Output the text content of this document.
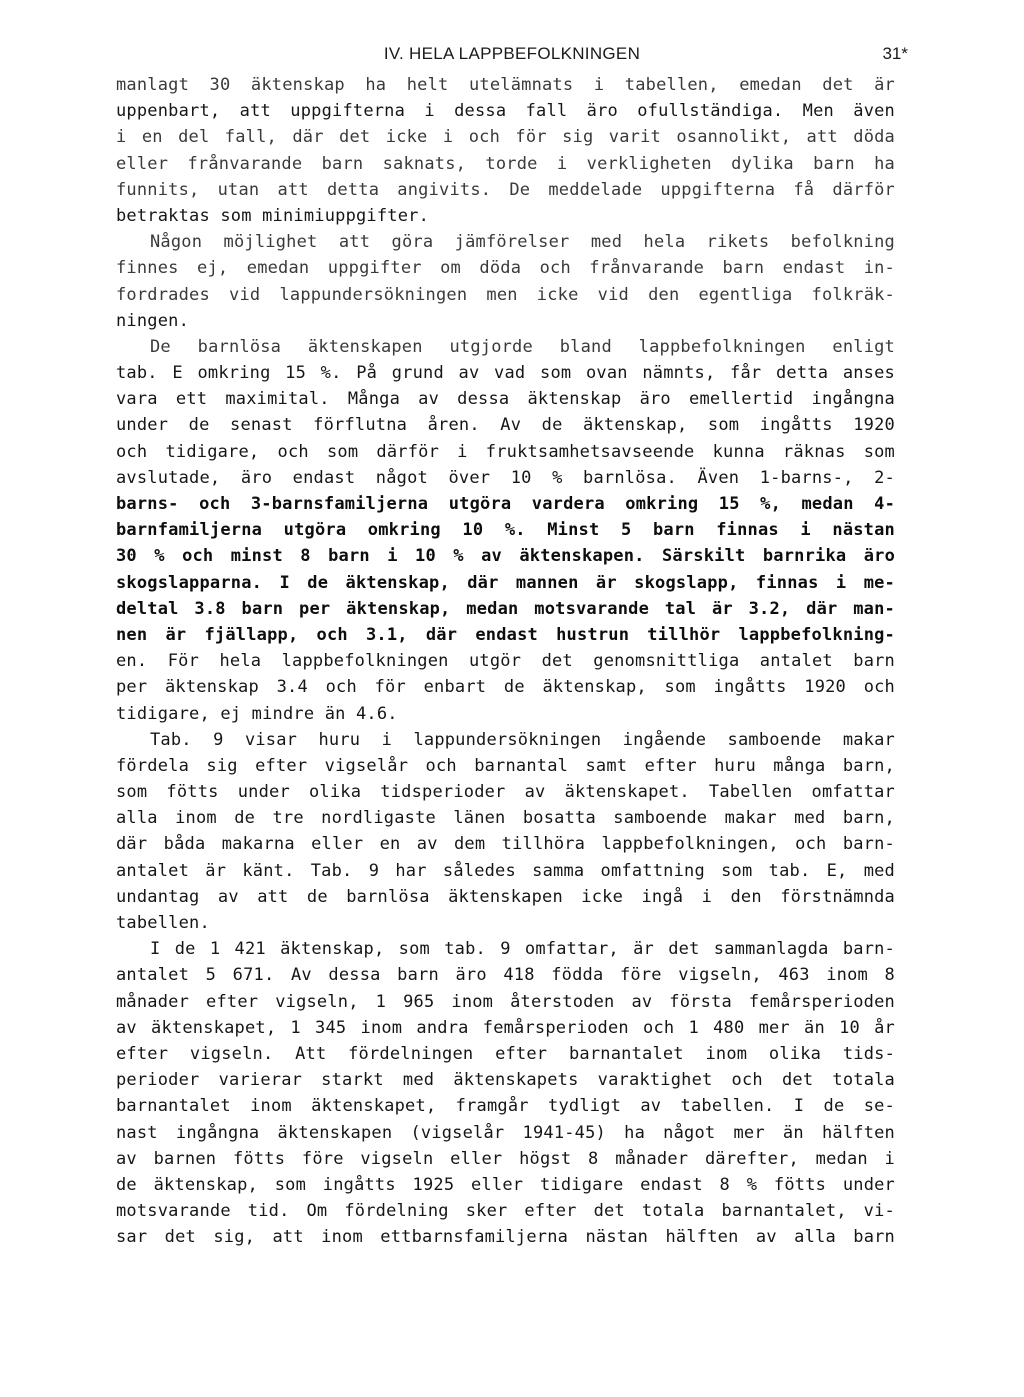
IV. HELA LAPPBEFOLKNINGEN	31*
manlagt 30 äktenskap ha helt utelämnats i tabellen, emedan det är
uppenbart, att uppgifterna i dessa fall äro ofullständiga. Men även
i en del fall, där det icke i och för sig varit osannolikt, att döda
eller frånvarande barn saknats, torde i verkligheten dylika barn ha
funnits, utan att detta angivits. De meddelade uppgifterna få därför
betraktas som minimiuppgifter.
Någon möjlighet att göra jämförelser med hela rikets befolkning
finnes ej, emedan uppgifter om döda och frånvarande barn endast in-
fordrades vid lappundersökningen men icke vid den egentliga folkräk-
ningen.
De barnlösa äktenskapen utgjorde bland lappbefolkningen enligt
tab. E omkring 15 %. På grund av vad som ovan nämnts, får detta anses
vara ett maximital. Många av dessa äktenskap äro emellertid ingångna
under de senast förflutna åren. Av de äktenskap, som ingåtts 1920
och tidigare, och som därför i fruktsamhetsavseende kunna räknas som
avslutade, äro endast något över 10 % barnlösa. Även 1-barns-, 2-
barns- och 3-barnsfamiljerna utgöra vardera omkring 15 %, medan 4-
barnfamiljerna utgöra omkring 10 %. Minst 5 barn finnas i nästan
30 % och minst 8 barn i 10 % av äktenskapen. Särskilt barnrika äro
skogslapparna. I de äktenskap, där mannen är skogslapp, finnas i me-
deltal 3.8 barn per äktenskap, medan motsvarande tal är 3.2, där man-
nen är fjällapp, och 3.1, där endast hustrun tillhör lappbefolkning-
en. För hela lappbefolkningen utgör det genomsnittliga antalet barn
per äktenskap 3.4 och för enbart de äktenskap, som ingåtts 1920 och
tidigare, ej mindre än 4.6.
Tab. 9 visar huru i lappundersökningen ingående samboende makar
fördela sig efter vigselår och barnantal samt efter huru många barn,
som fötts under olika tidsperioder av äktenskapet. Tabellen omfattar
alla inom de tre nordligaste länen bosatta samboende makar med barn,
där båda makarna eller en av dem tillhöra lappbefolkningen, och barn-
antalet är känt. Tab. 9 har således samma omfattning som tab. E, med
undantag av att de barnlösa äktenskapen icke ingå i den förstnämnda
tabellen.
I de 1 421 äktenskap, som tab. 9 omfattar, är det sammanlagda barn-
antalet 5 671. Av dessa barn äro 418 födda före vigseln, 463 inom 8
månader efter vigseln, 1 965 inom återstoden av första femårsperioden
av äktenskapet, 1 345 inom andra femårsperioden och 1 480 mer än 10 år
efter vigseln. Att fördelningen efter barnantalet inom olika tids-
perioder varierar starkt med äktenskapets varaktighet och det totala
barnantalet inom äktenskapet, framgår tydligt av tabellen. I de se-
nast ingångna äktenskapen (vigselår 1941-45) ha något mer än hälften
av barnen fötts före vigseln eller högst 8 månader därefter, medan i
de äktenskap, som ingåtts 1925 eller tidigare endast 8 % fötts under
motsvarande tid. Om fördelning sker efter det totala barnantalet, vi-
sar det sig, att inom ettbarnsfamiljerna nästan hälften av alla barn
